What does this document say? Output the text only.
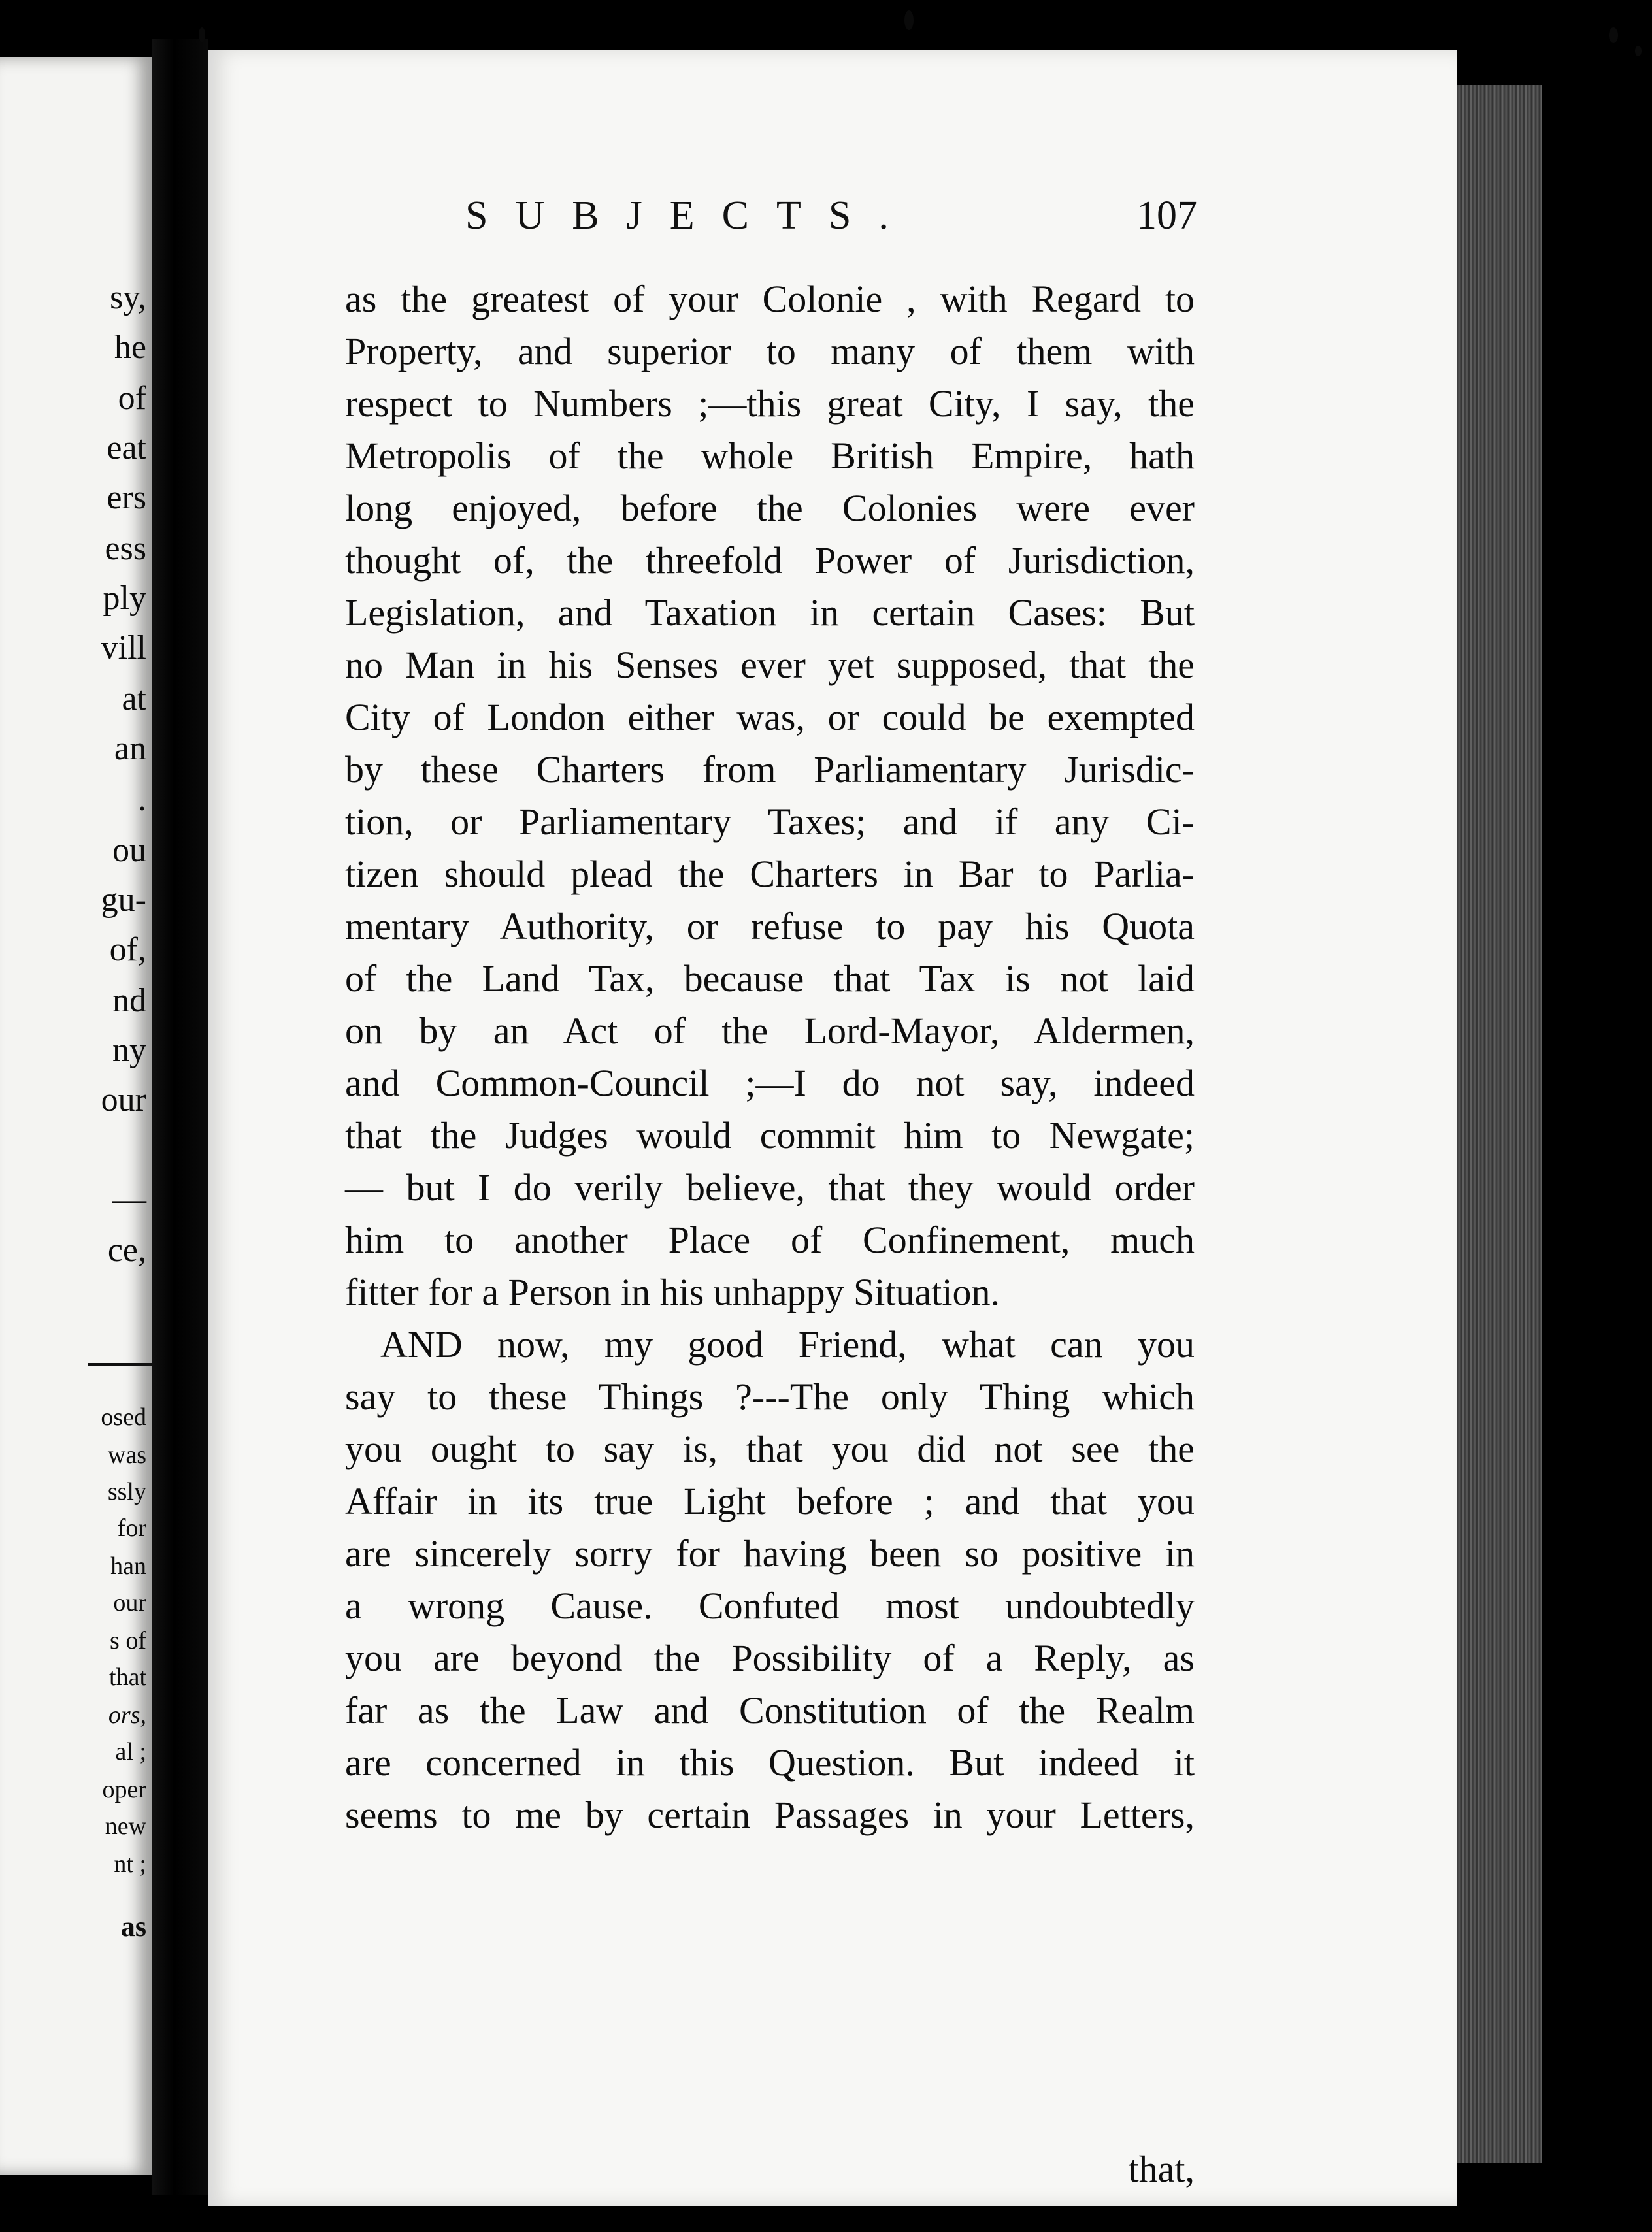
sy,
he
of
eat
ers
ess
ply
vill
at
an
.
ou
gu-
of,
nd
ny
our
—
ce,
osed
was
ssly
for
han
our
s of
that
ors,
al ;
oper
new
nt ;
as
SUBJECTS.	107
as the greatest of your Colonie , with Regard to
Property, and superior to many of them with
respect to Numbers ;—this great City, I say, the
Metropolis of the whole British Empire, hath
long enjoyed, before the Colonies were ever
thought of, the threefold Power of Jurisdiction,
Legislation, and Taxation in certain Cases: But
no Man in his Senses ever yet supposed, that the
City of London either was, or could be exempted
by these Charters from Parliamentary Jurisdic-
tion, or Parliamentary Taxes; and if any Ci-
tizen should plead the Charters in Bar to Parlia-
mentary Authority, or refuse to pay his Quota
of the Land Tax, because that Tax is not laid
on by an Act of the Lord-Mayor, Aldermen,
and Common-Council ;—I do not say, indeed
that the Judges would commit him to Newgate;
— but I do verily believe, that they would order
him to another Place of Confinement, much
fitter for a Person in his unhappy Situation.
AND now, my good Friend, what can you
say to these Things ?---The only Thing which
you ought to say is, that you did not see the
Affair in its true Light before ; and that you
are sincerely sorry for having been so positive in
a wrong Cause. Confuted most undoubtedly
you are beyond the Possibility of a Reply, as
far as the Law and Constitution of the Realm
are concerned in this Question. But indeed it
seems to me by certain Passages in your Letters,
that,
